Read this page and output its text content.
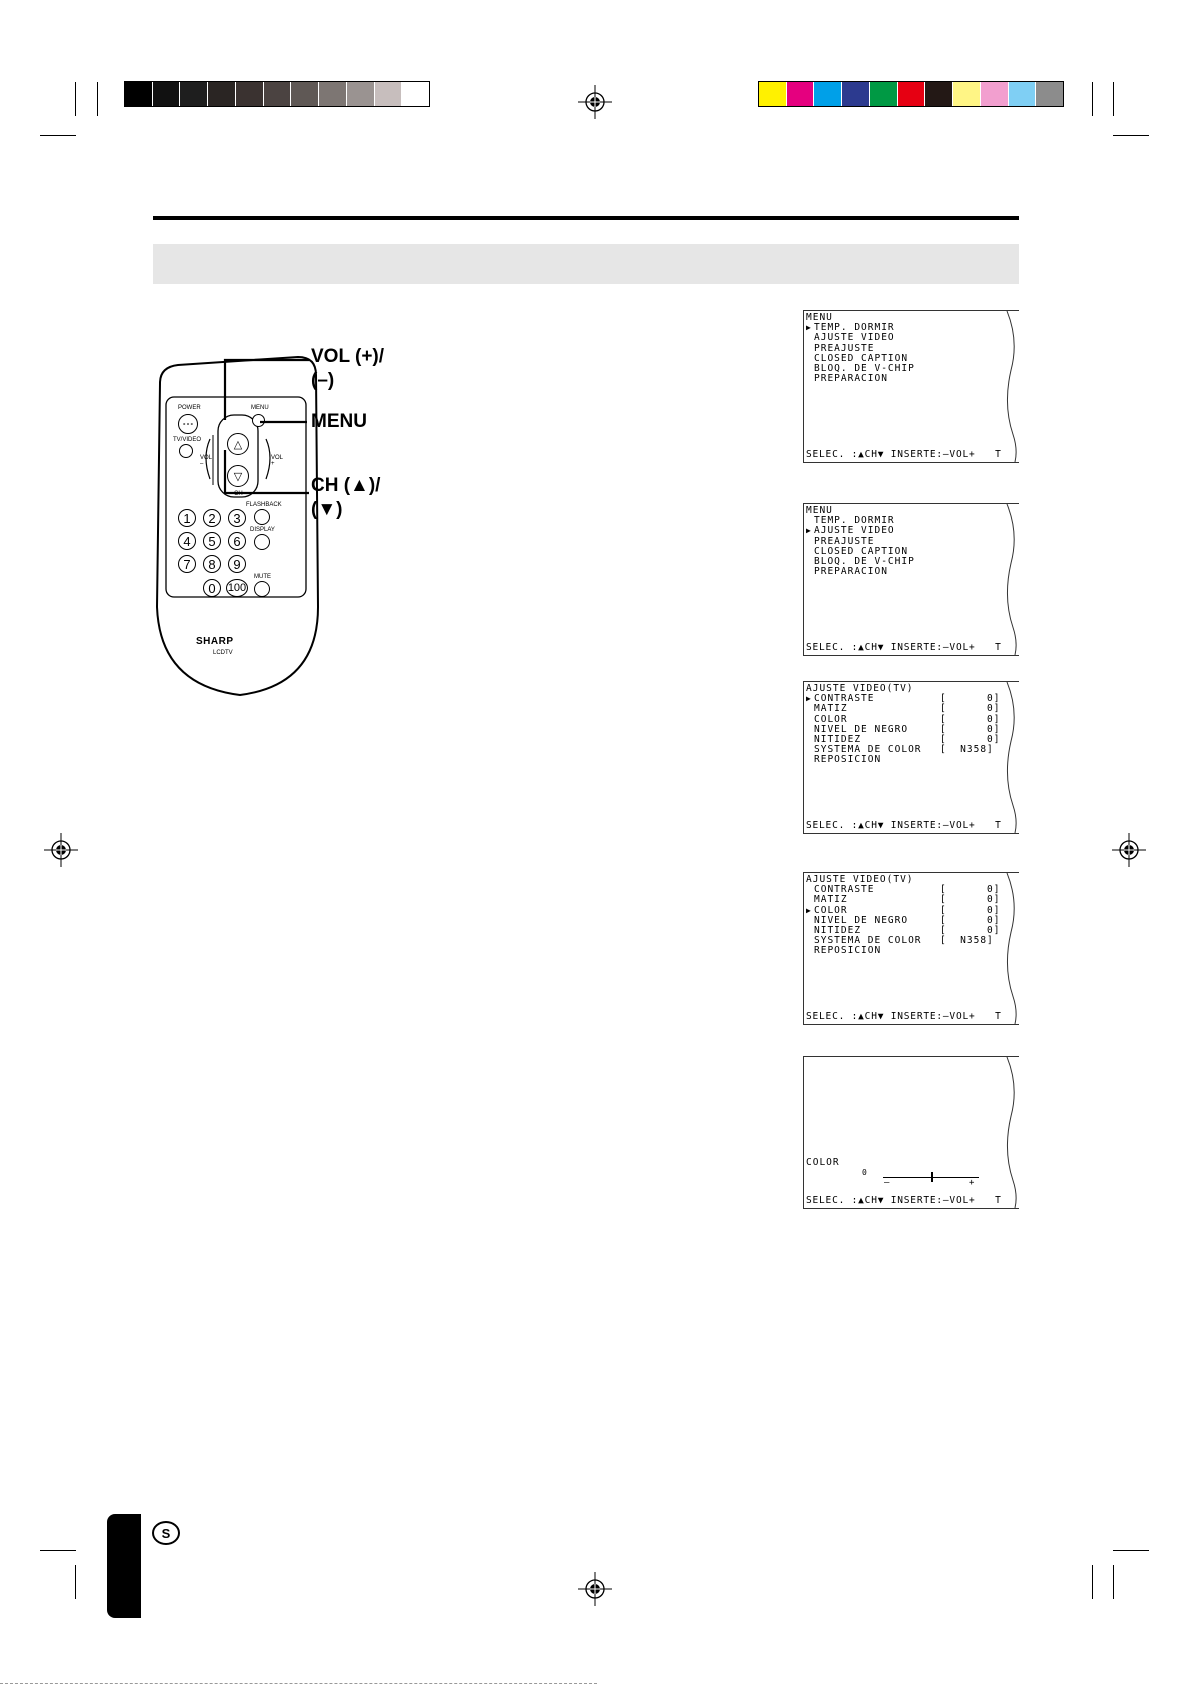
POWER
∘∘∘
MENU
TV/VIDEO	△
▽
VOL
–
VOL
+
CH
FLASHBACK
DISPLAY
MUTE
1	2	3
4	5	6
7	8	9
0	100
SHARP
LCDTV
VOL (+)/
(–)
MENU
CH (▲)/
(▼)
MENU
▶ TEMP. DORMIR
AJUSTE VIDEO
PREAJUSTE
CLOSED CAPTION
BLOQ. DE V-CHIP
PREPARACION
SELEC. :▲CH▼ INSERTE:–VOL+   T
MENU
TEMP. DORMIR
▶ AJUSTE VIDEO
PREAJUSTE
CLOSED CAPTION
BLOQ. DE V-CHIP
PREPARACION
SELEC. :▲CH▼ INSERTE:–VOL+   T
AJUSTE VIDEO(TV)
▶ CONTRASTE	[      0]
MATIZ	[      0]
COLOR	[      0]
NIVEL DE NEGRO	[      0]
NITIDEZ	[      0]
SYSTEMA DE COLOR [  N358]
REPOSICION
SELEC. :▲CH▼ INSERTE:–VOL+   T
AJUSTE VIDEO(TV)
CONTRASTE	[      0]
MATIZ	[      0]
▶ COLOR	[      0]
NIVEL DE NEGRO	[      0]
NITIDEZ	[      0]
SYSTEMA DE COLOR [  N358]
REPOSICION
SELEC. :▲CH▼ INSERTE:–VOL+   T
COLOR
0
–	+
SELEC. :▲CH▼ INSERTE:–VOL+   T
S
